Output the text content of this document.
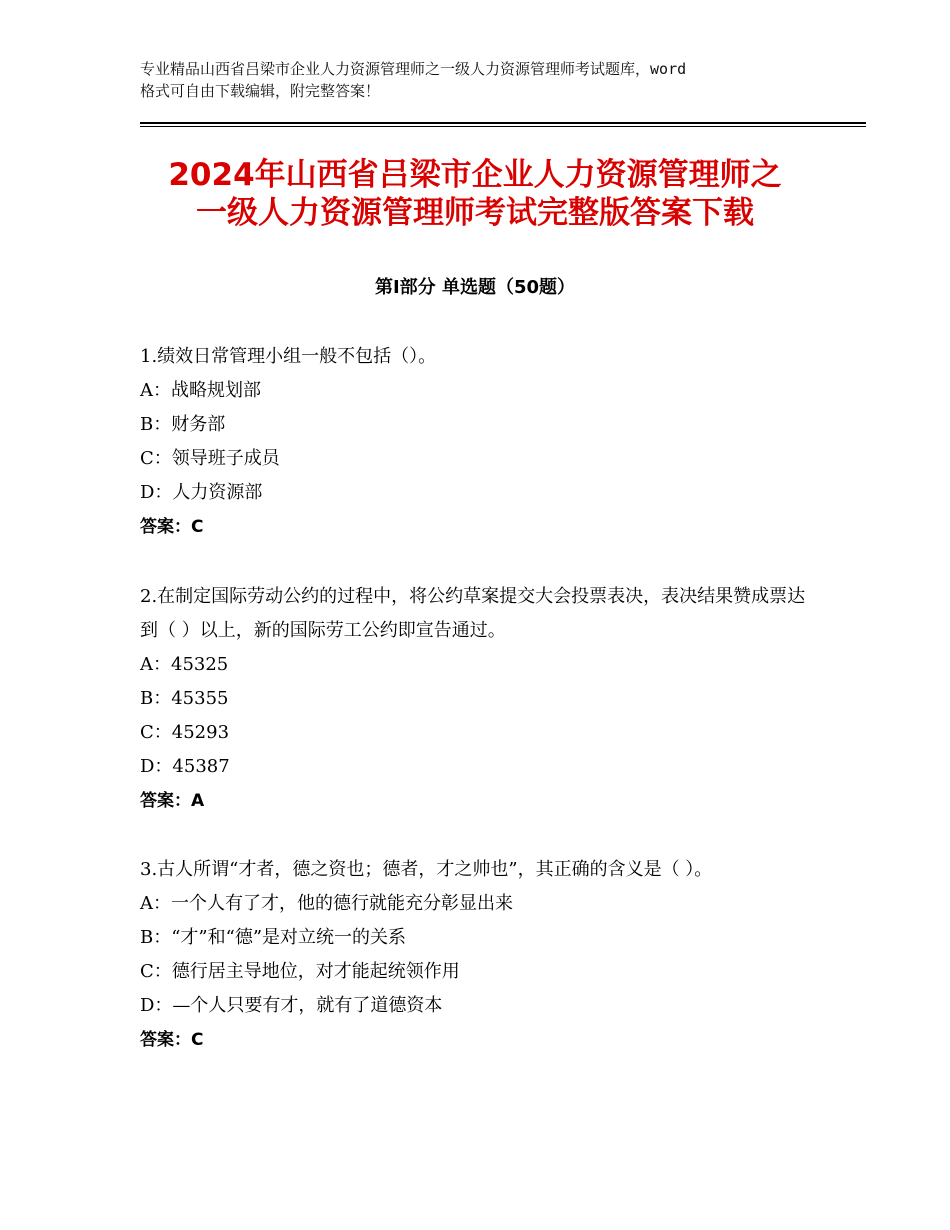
专业精品山西省吕梁市企业人力资源管理师之一级人力资源管理师考试题库，word
格式可自由下载编辑，附完整答案！
2024年山西省吕梁市企业人力资源管理师之
一级人力资源管理师考试完整版答案下载
第Ⅰ部分 单选题（50题）

1.绩效日常管理小组一般不包括（）。

A：战略规划部

B：财务部

C：领导班子成员

D：人力资源部

答案：C

2.在制定国际劳动公约的过程中，将公约草案提交大会投票表决，表决结果赞成票达到（ ）以上，新的国际劳工公约即宣告通过。

A：45325

B：45355

C：45293

D：45387

答案：A

3.古人所谓“才者，德之资也；德者，才之帅也”，其正确的含义是（ ）。

A：一个人有了才，他的德行就能充分彰显出来

B：“才”和“德”是对立统一的关系

C：德行居主导地位，对才能起统领作用

D：—个人只要有才，就有了道德资本

答案：C
